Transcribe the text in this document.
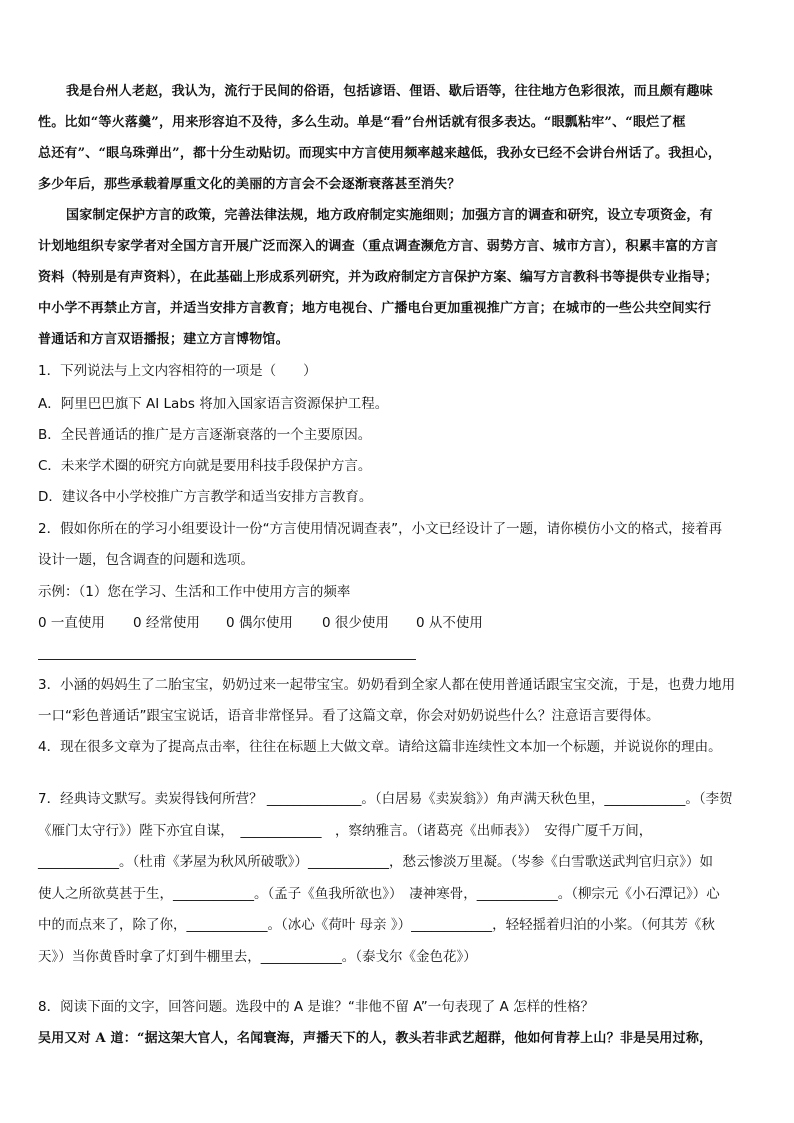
我是台州人老赵，我认为，流行于民间的俗语，包括谚语、俚语、歇后语等，往往地方色彩很浓，而且颇有趣味
性。比如“等火落羹”，用来形容迫不及待，多么生动。单是“看”台州话就有很多表达。“眼瓢粘牢”、“眼烂了框
总还有”、“眼乌珠弹出”，都十分生动贴切。而现实中方言使用频率越来越低，我孙女已经不会讲台州话了。我担心，
多少年后，那些承载着厚重文化的美丽的方言会不会逐渐衰落甚至消失？
国家制定保护方言的政策，完善法律法规，地方政府制定实施细则；加强方言的调查和研究，设立专项资金，有
计划地组织专家学者对全国方言开展广泛而深入的调查（重点调查濒危方言、弱势方言、城市方言），积累丰富的方言
资料（特别是有声资料），在此基础上形成系列研究，并为政府制定方言保护方案、编写方言教科书等提供专业指导；
中小学不再禁止方言，并适当安排方言教育；地方电视台、广播电台更加重视推广方言；在城市的一些公共空间实行
普通话和方言双语播报；建立方言博物馆。
1．下列说法与上文内容相符的一项是（　　）
A．阿里巴巴旗下 AI Labs 将加入国家语言资源保护工程。
B．全民普通话的推广是方言逐渐衰落的一个主要原因。
C．未来学术圈的研究方向就是要用科技手段保护方言。
D．建议各中小学校推广方言教学和适当安排方言教育。
2．假如你所在的学习小组要设计一份“方言使用情况调查表”，小文已经设计了一题，请你模仿小文的格式，接着再
设计一题，包含调查的问题和选项。
示例：（1）您在学习、生活和工作中使用方言的频率
0 一直使用 0 经常使用 0 偶尔使用 0 很少使用 0 从不使用
3．小涵的妈妈生了二胎宝宝，奶奶过来一起带宝宝。奶奶看到全家人都在使用普通话跟宝宝交流，于是，也费力地用
一口“彩色普通话”跟宝宝说话，语音非常怪异。看了这篇文章，你会对奶奶说些什么？注意语言要得体。
4．现在很多文章为了提高点击率，往往在标题上大做文章。请给这篇非连续性文本加一个标题，并说说你的理由。
7．经典诗文默写。卖炭得钱何所营？ ______________。（白居易《卖炭翁》）角声满天秋色里，____________。（李贺
《雁门太守行》）陛下亦宜自谋，　____________　，察纳雅言。（诸葛亮《出师表》）　安得广厦千万间，
____________。（杜甫《茅屋为秋风所破歌》）____________，愁云惨淡万里凝。（岑参《白雪歌送武判官归京》）如
使人之所欲莫甚于生，____________。（孟子《鱼我所欲也》）　凄神寒骨，____________。（柳宗元《小石潭记》）心
中的而点来了，除了你，____________。（冰心《荷叶 母亲 》）____________，轻轻摇着归泊的小桨。（何其芳《秋
天》）当你黄昏时拿了灯到牛棚里去，____________。（泰戈尔《金色花》）
8．阅读下面的文字，回答问题。选段中的 A 是谁？“非他不留 A”一句表现了 A 怎样的性格？
吴用又对 A 道：“据这架大官人，名闻寰海，声播天下的人，教头若非武艺超群，他如何肯荐上山？非是吴用过称，
